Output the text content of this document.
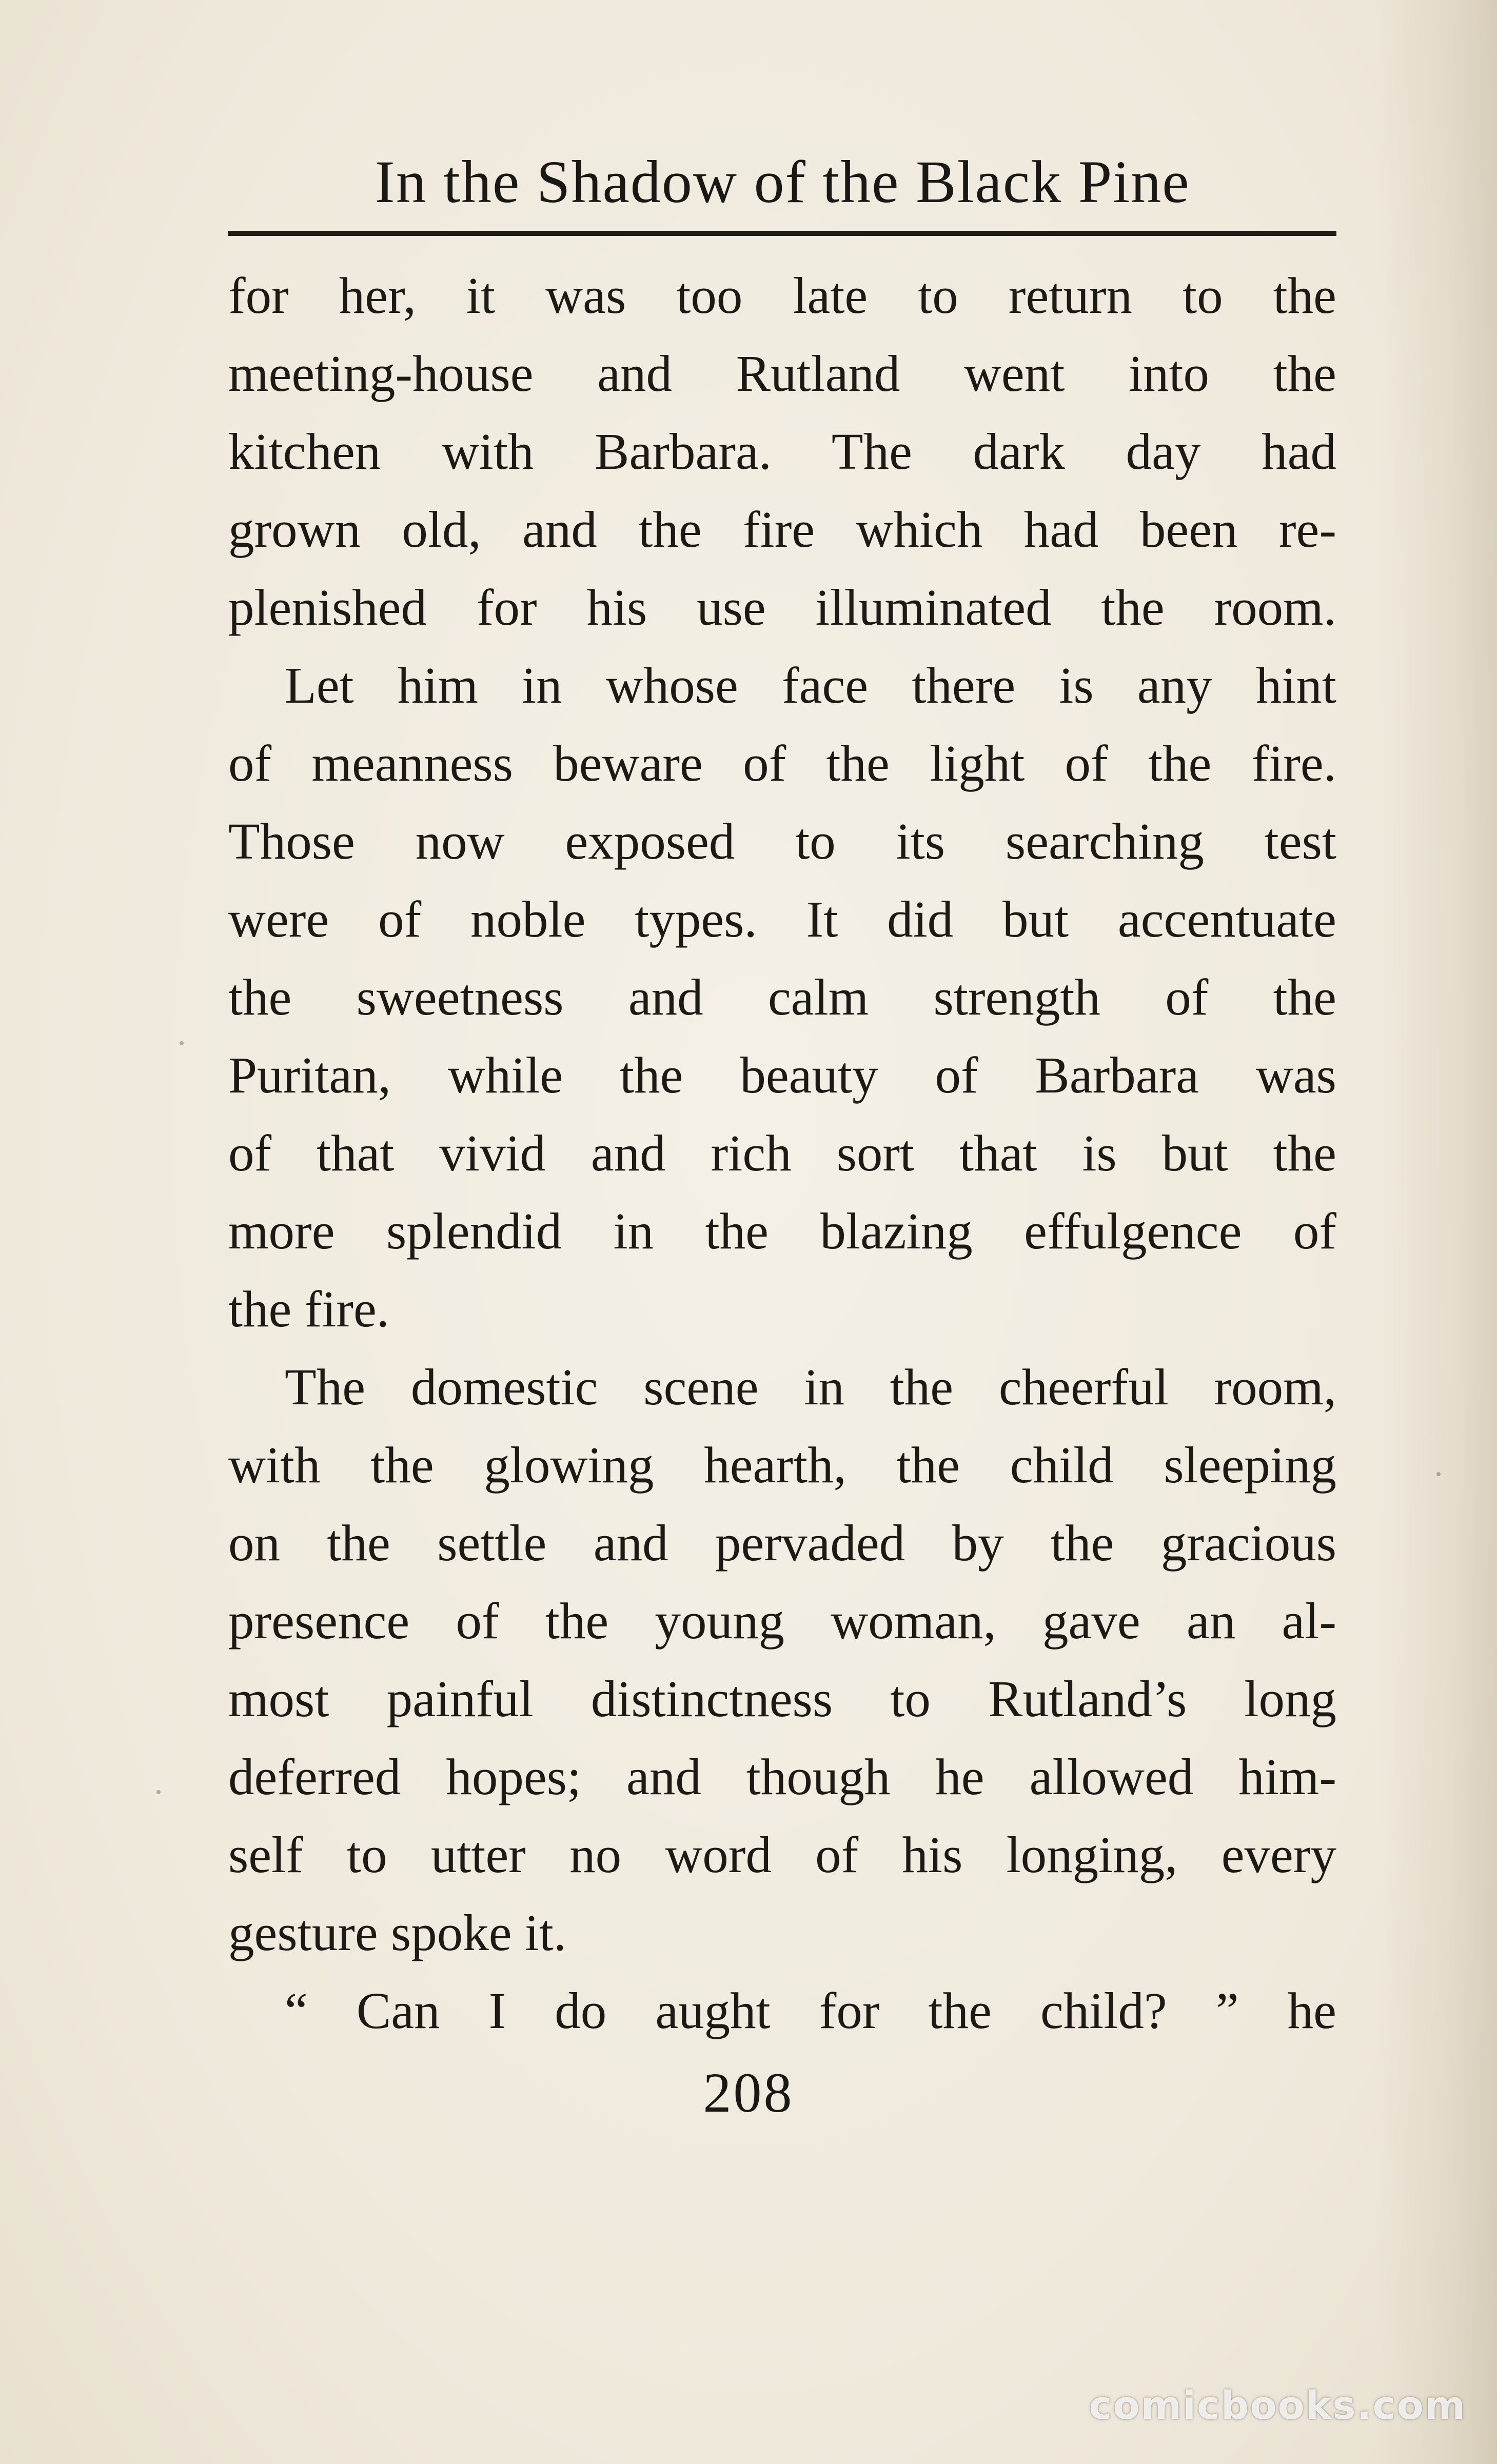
In the Shadow of the Black Pine
for her, it was too late to return to the
meeting-house and Rutland went into the
kitchen with Barbara. The dark day had
grown old, and the fire which had been re-
plenished for his use illuminated the room.
Let him in whose face there is any hint
of meanness beware of the light of the fire.
Those now exposed to its searching test
were of noble types. It did but accentuate
the sweetness and calm strength of the
Puritan, while the beauty of Barbara was
of that vivid and rich sort that is but the
more splendid in the blazing effulgence of
the fire.
The domestic scene in the cheerful room,
with the glowing hearth, the child sleeping
on the settle and pervaded by the gracious
presence of the young woman, gave an al-
most painful distinctness to Rutland’s long
deferred hopes; and though he allowed him-
self to utter no word of his longing, every
gesture spoke it.
“ Can I do aught for the child? ” he
208
comicbooks.com
